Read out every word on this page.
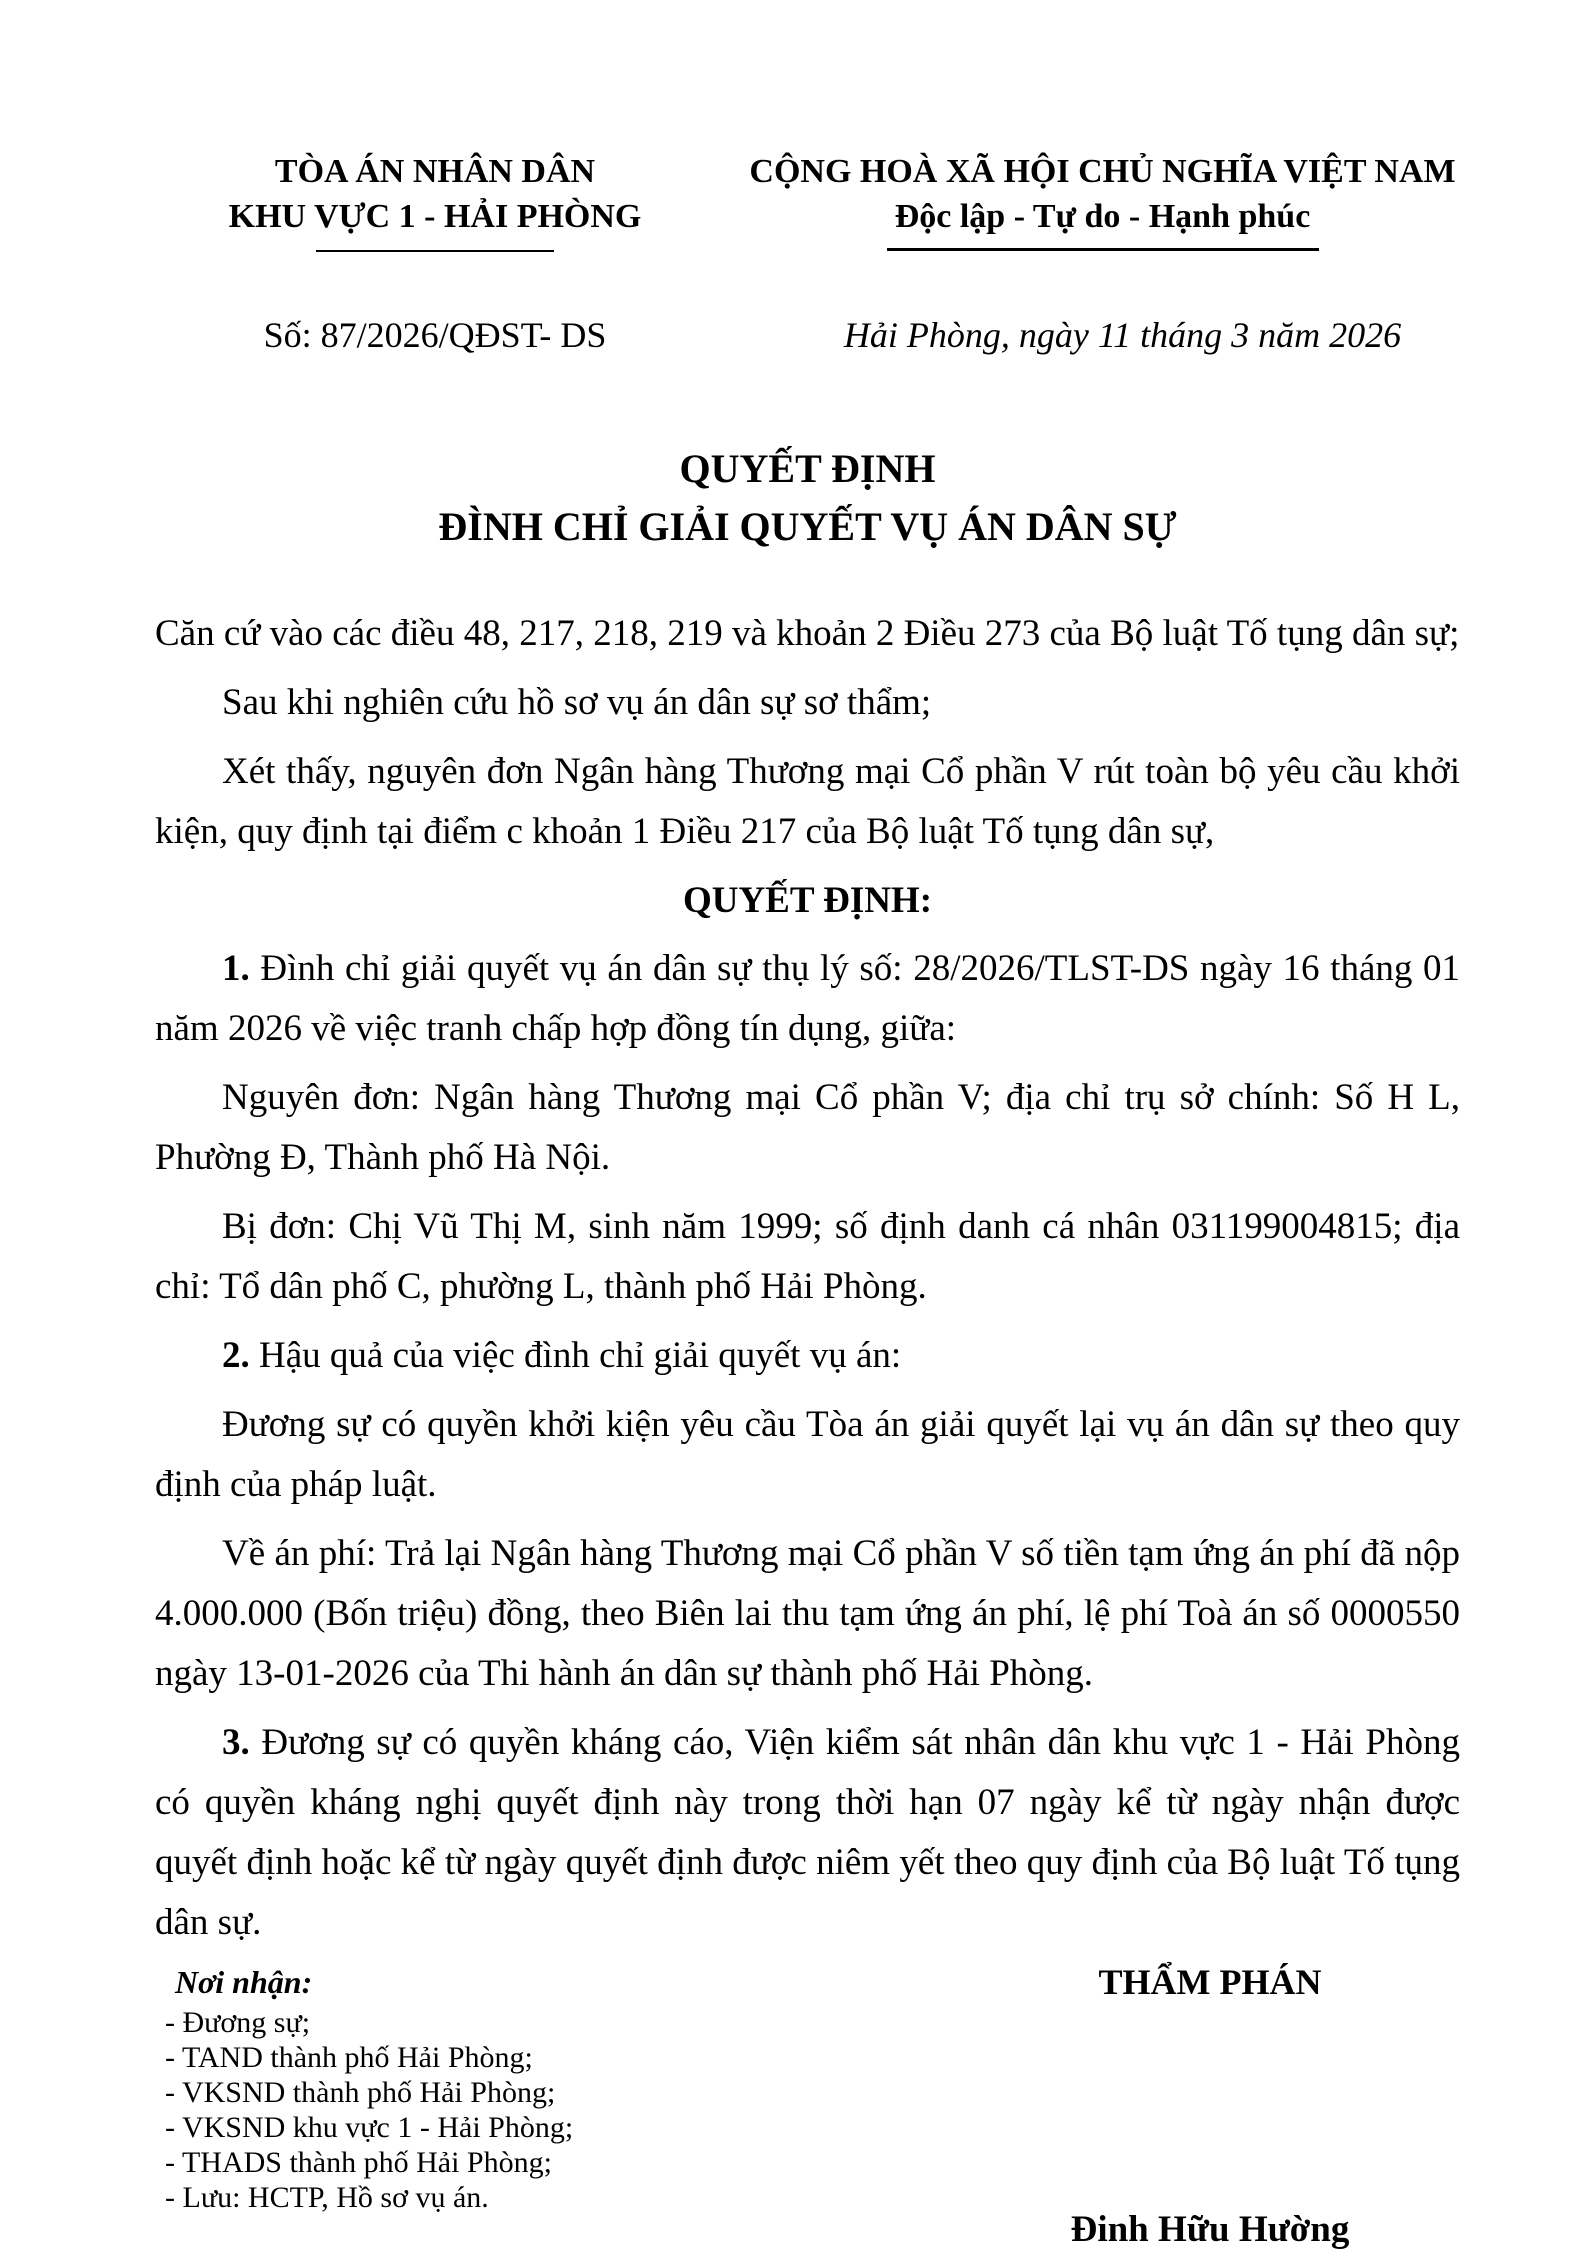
TÒA ÁN NHÂN DÂN
KHU VỰC 1 - HẢI PHÒNG
CỘNG HOÀ XÃ HỘI CHỦ NGHĨA VIỆT NAM
Độc lập - Tự do - Hạnh phúc
Số: 87/2026/QĐST- DS	Hải Phòng, ngày 11 tháng 3 năm 2026
QUYẾT ĐỊNH
ĐÌNH CHỈ GIẢI QUYẾT VỤ ÁN DÂN SỰ

Căn cứ vào các điều 48, 217, 218, 219 và khoản 2 Điều 273 của Bộ luật Tố tụng dân sự;

Sau khi nghiên cứu hồ sơ vụ án dân sự sơ thẩm;

Xét thấy, nguyên đơn Ngân hàng Thương mại Cổ phần V rút toàn bộ yêu cầu khởi kiện, quy định tại điểm c khoản 1 Điều 217 của Bộ luật Tố tụng dân sự,

QUYẾT ĐỊNH:

1. Đình chỉ giải quyết vụ án dân sự thụ lý số: 28/2026/TLST-DS ngày 16 tháng 01 năm 2026 về việc tranh chấp hợp đồng tín dụng, giữa:

Nguyên đơn: Ngân hàng Thương mại Cổ phần V; địa chỉ trụ sở chính: Số H L, Phường Đ, Thành phố Hà Nội.

Bị đơn: Chị Vũ Thị M, sinh năm 1999; số định danh cá nhân 031199004815; địa chỉ: Tổ dân phố C, phường L, thành phố Hải Phòng.

2. Hậu quả của việc đình chỉ giải quyết vụ án:

Đương sự có quyền khởi kiện yêu cầu Tòa án giải quyết lại vụ án dân sự theo quy định của pháp luật.

Về án phí: Trả lại Ngân hàng Thương mại Cổ phần V số tiền tạm ứng án phí đã nộp 4.000.000 (Bốn triệu) đồng, theo Biên lai thu tạm ứng án phí, lệ phí Toà án số 0000550 ngày 13-01-2026 của Thi hành án dân sự thành phố Hải Phòng.

3. Đương sự có quyền kháng cáo, Viện kiểm sát nhân dân khu vực 1 - Hải Phòng có quyền kháng nghị quyết định này trong thời hạn 07 ngày kể từ ngày nhận được quyết định hoặc kể từ ngày quyết định được niêm yết theo quy định của Bộ luật Tố tụng dân sự.

Nơi nhận:
- Đương sự;
- TAND thành phố Hải Phòng;
- VKSND thành phố Hải Phòng;
- VKSND khu vực 1 - Hải Phòng;
- THADS thành phố Hải Phòng;
- Lưu: HCTP, Hồ sơ vụ án.
THẨM PHÁN
Đinh Hữu Hường
